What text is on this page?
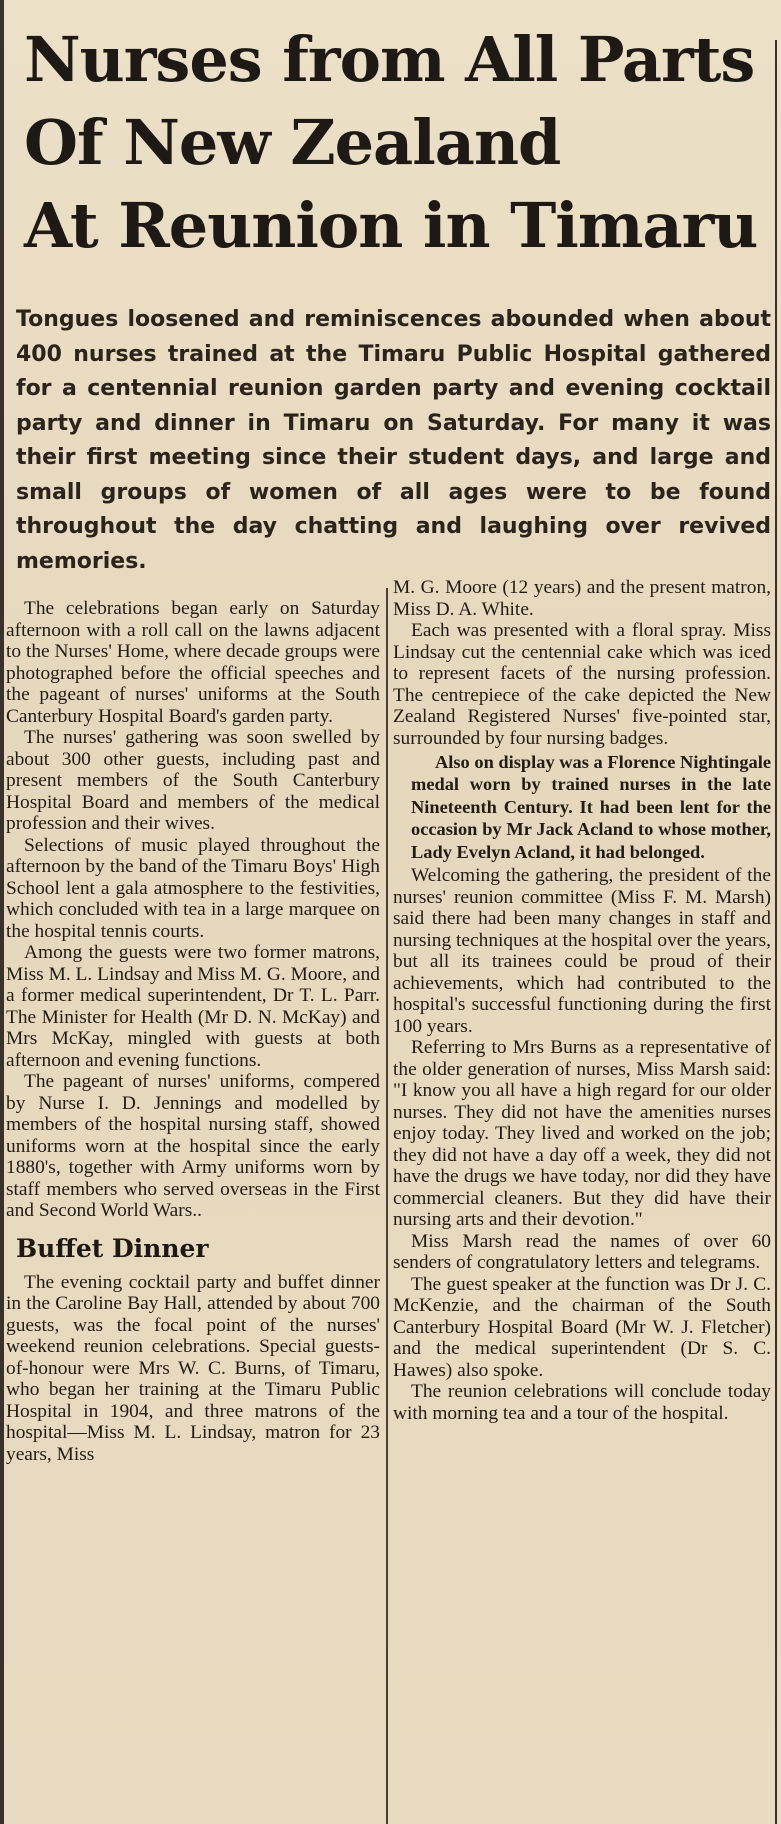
Nurses from All Parts
Of New Zealand
At Reunion in Timaru

Tongues loosened and reminiscences abounded when about 400 nurses trained at the Timaru Public Hospital gathered for a centennial reunion garden party and evening cocktail party and dinner in Timaru on Saturday. For many it was their first meeting since their student days, and large and small groups of women of all ages were to be found throughout the day chatting and laughing over revived memories.

The celebrations began early on Saturday afternoon with a roll call on the lawns adjacent to the Nurses' Home, where decade groups were photographed before the official speeches and the pageant of nurses' uniforms at the South Canterbury Hospital Board's garden party.

The nurses' gathering was soon swelled by about 300 other guests, including past and present members of the South Canterbury Hospital Board and members of the medical profession and their wives.

Selections of music played throughout the afternoon by the band of the Timaru Boys' High School lent a gala atmosphere to the festivities, which concluded with tea in a large marquee on the hospital tennis courts.

Among the guests were two former matrons, Miss M. L. Lindsay and Miss M. G. Moore, and a former medical superintendent, Dr T. L. Parr. The Minister for Health (Mr D. N. McKay) and Mrs McKay, mingled with guests at both afternoon and evening functions.

The pageant of nurses' uniforms, compered by Nurse I. D. Jennings and modelled by members of the hospital nursing staff, showed uniforms worn at the hospital since the early 1880's, together with Army uniforms worn by staff members who served overseas in the First and Second World Wars..

Buffet Dinner

The evening cocktail party and buffet dinner in the Caroline Bay Hall, attended by about 700 guests, was the focal point of the nurses' weekend reunion celebrations. Special guests-of-honour were Mrs W. C. Burns, of Timaru, who began her training at the Timaru Public Hospital in 1904, and three matrons of the hospital—Miss M. L. Lindsay, matron for 23 years, Miss

M. G. Moore (12 years) and the present matron, Miss D. A. White.

Each was presented with a floral spray. Miss Lindsay cut the centennial cake which was iced to represent facets of the nursing profession. The centrepiece of the cake depicted the New Zealand Registered Nurses' five-pointed star, surrounded by four nursing badges.

Also on display was a Florence Nightingale medal worn by trained nurses in the late Nineteenth Century. It had been lent for the occasion by Mr Jack Acland to whose mother, Lady Evelyn Acland, it had belonged.

Welcoming the gathering, the president of the nurses' reunion committee (Miss F. M. Marsh) said there had been many changes in staff and nursing techniques at the hospital over the years, but all its trainees could be proud of their achievements, which had contributed to the hospital's successful functioning during the first 100 years.

Referring to Mrs Burns as a representative of the older generation of nurses, Miss Marsh said: "I know you all have a high regard for our older nurses. They did not have the amenities nurses enjoy today. They lived and worked on the job; they did not have a day off a week, they did not have the drugs we have today, nor did they have commercial cleaners. But they did have their nursing arts and their devotion."

Miss Marsh read the names of over 60 senders of congratulatory letters and telegrams.

The guest speaker at the function was Dr J. C. McKenzie, and the chairman of the South Canterbury Hospital Board (Mr W. J. Fletcher) and the medical superintendent (Dr S. C. Hawes) also spoke.

The reunion celebrations will conclude today with morning tea and a tour of the hospital.
